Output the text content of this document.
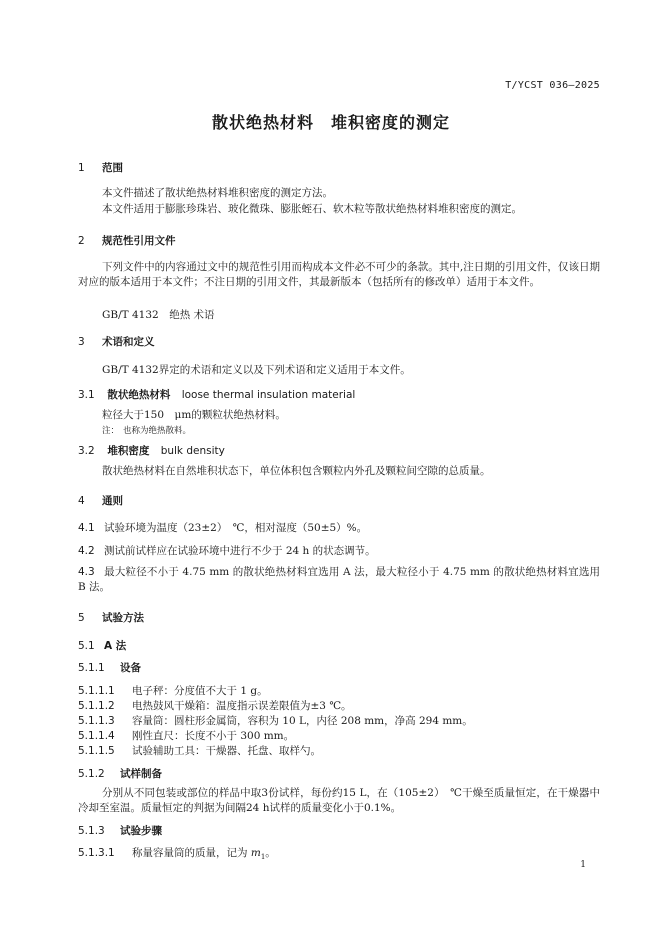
T/YCST 036—2025
散状绝热材料　堆积密度的测定
1 范围
本文件描述了散状绝热材料堆积密度的测定方法。
本文件适用于膨胀珍珠岩、玻化微珠、膨胀蛭石、软木粒等散状绝热材料堆积密度的测定。
2 规范性引用文件
下列文件中的内容通过文中的规范性引用而构成本文件必不可少的条款。其中,注日期的引用文件，仅该日期对应的版本适用于本文件；不注日期的引用文件，其最新版本（包括所有的修改单）适用于本文件。
GB/T 4132　绝热 术语
3 术语和定义
GB/T 4132界定的术语和定义以及下列术语和定义适用于本文件。
3.1 散状绝热材料 loose thermal insulation material
粒径大于150　μm的颗粒状绝热材料。
注： 也称为绝热散料。
3.2 堆积密度 bulk density
散状绝热材料在自然堆积状态下，单位体积包含颗粒内外孔及颗粒间空隙的总质量。
4 通则
4.1 试验环境为温度（23±2）　℃，相对湿度（50±5）%。
4.2 测试前试样应在试验环境中进行不少于 24 h 的状态调节。
4.3 最大粒径不小于 4.75 mm 的散状绝热材料宜选用 A 法，最大粒径小于 4.75 mm 的散状绝热材料宜选用 B 法。
5 试验方法
5.1 A 法
5.1.1 设备
5.1.1.1 电子秤：分度值不大于 1 g。
5.1.1.2 电热鼓风干燥箱：温度指示误差限值为±3 ℃。
5.1.1.3 容量筒：圆柱形金属筒，容积为 10 L，内径 208 mm，净高 294 mm。
5.1.1.4 刚性直尺：长度不小于 300 mm。
5.1.1.5 试验辅助工具：干燥器、托盘、取样勺。
5.1.2 试样制备
分别从不同包装或部位的样品中取3份试样，每份约15 L，在（105±2）　℃干燥至质量恒定，在干燥器中冷却至室温。质量恒定的判据为间隔24 h试样的质量变化小于0.1%。
5.1.3 试验步骤
5.1.3.1 称量容量筒的质量，记为 $m_1$。
1
